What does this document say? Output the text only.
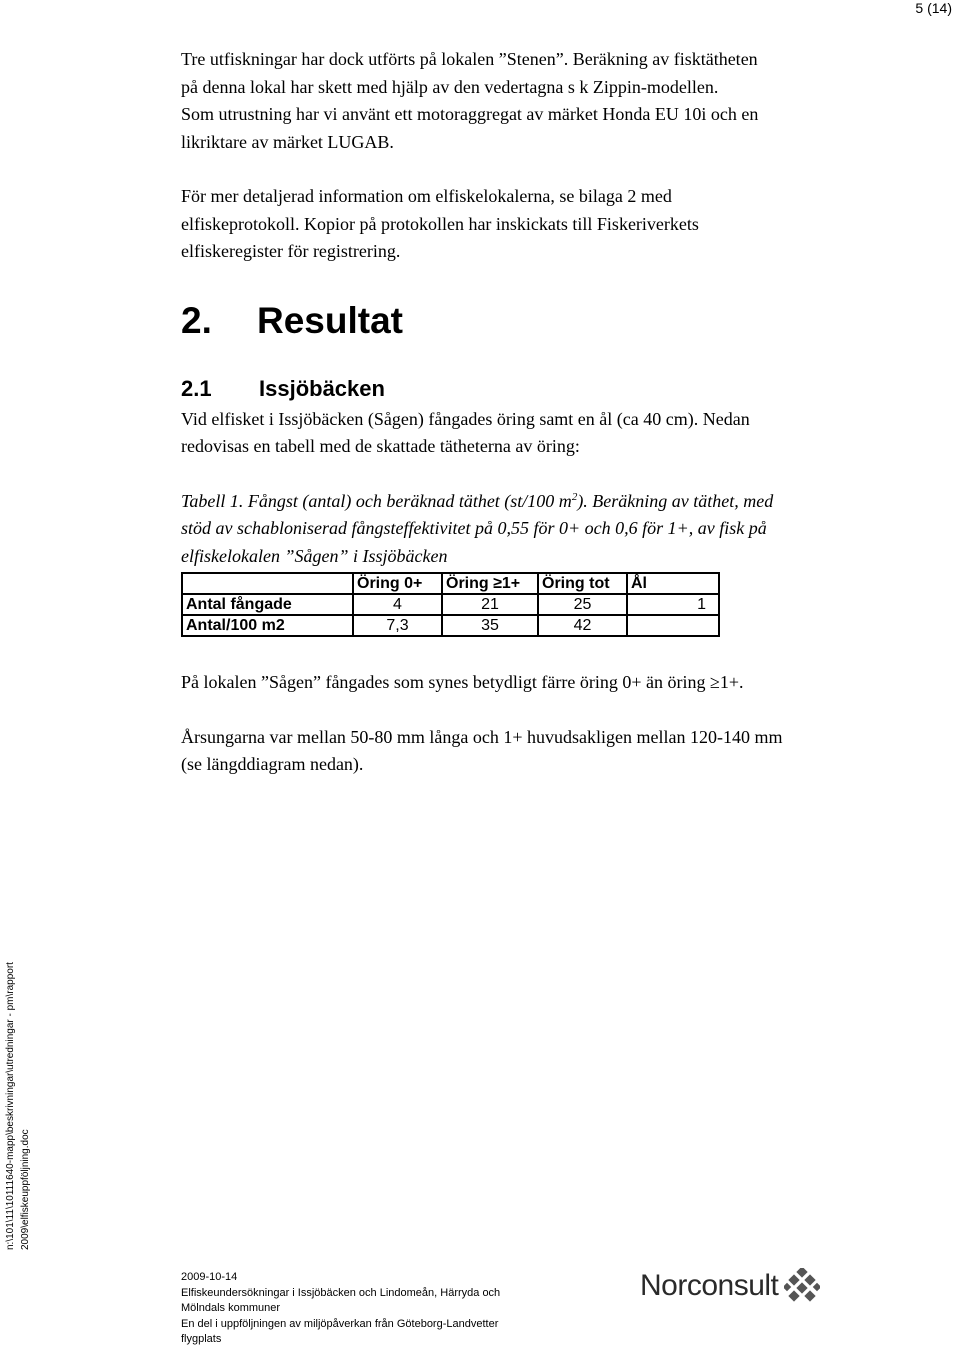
5 (14)

Tre utfiskningar har dock utförts på lokalen ”Stenen”. Beräkning av fisktätheten
på denna lokal har skett med hjälp av den vedertagna s k Zippin-modellen.
Som utrustning har vi använt ett motoraggregat av märket Honda EU 10i och en
likriktare av märket LUGAB.

För mer detaljerad information om elfiskelokalerna, se bilaga 2 med
elfiskeprotokoll. Kopior på protokollen har inskickats till Fiskeriverkets
elfiskeregister för registrering.

2. Resultat
2.1 Issjöbäcken

Vid elfisket i Issjöbäcken (Sågen) fångades öring samt en ål (ca 40 cm). Nedan
redovisas en tabell med de skattade tätheterna av öring:

Tabell 1. Fångst (antal) och beräknad täthet (st/100 $m^2$). Beräkning av täthet, med
stöd av schabloniserad fångsteffektivitet på 0,55 för 0+ och 0,6 för 1+, av fisk på
elfiskelokalen ”Sågen” i Issjöbäcken

	Öring 0+	Öring ≥1+	Öring tot	Ål
Antal fångade	4	21	25	1
Antal/100 m2	7,3	35	42	

På lokalen ”Sågen” fångades som synes betydligt färre öring 0+ än öring ≥1+.

Årsungarna var mellan 50-80 mm långa och 1+ huvudsakligen mellan 120-140 mm
(se längddiagram nedan).

n:\101\11\10111640-mapp\beskrivningar\utredningar - pm\rapport 2009\elfiskeuppföljning.doc
2009-10-14
Elfiskeundersökningar i Issjöbäcken och Lindomeån, Härryda och
Mölndals kommuner
En del i uppföljningen av miljöpåverkan från Göteborg-Landvetter
flygplats
Norconsult
